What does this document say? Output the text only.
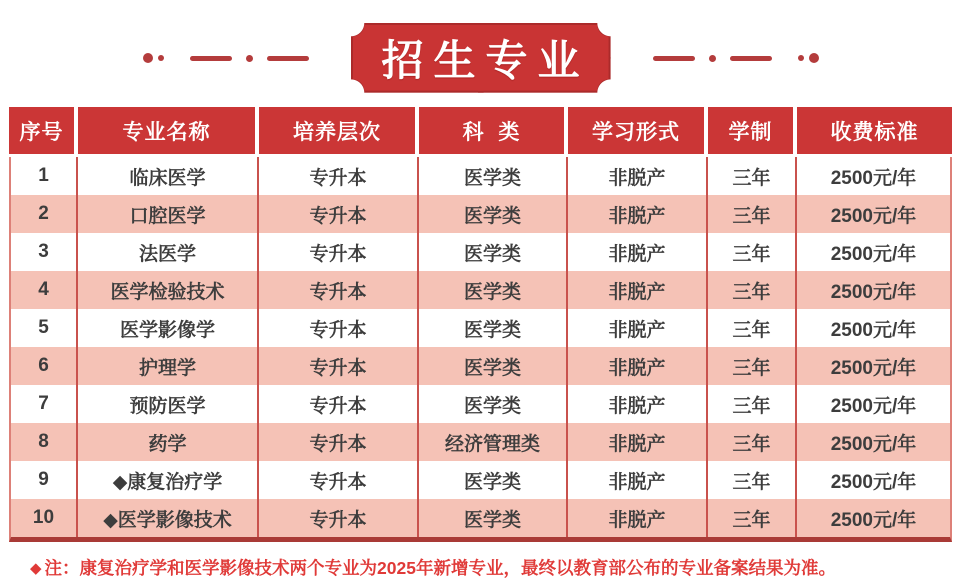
招生专业
序号	专业名称	培养层次	科  类	学习形式	学制	收费标准
1	临床医学	专升本	医学类	非脱产	三年	2500元/年
2	口腔医学	专升本	医学类	非脱产	三年	2500元/年
3	法医学	专升本	医学类	非脱产	三年	2500元/年
4	医学检验技术	专升本	医学类	非脱产	三年	2500元/年
5	医学影像学	专升本	医学类	非脱产	三年	2500元/年
6	护理学	专升本	医学类	非脱产	三年	2500元/年
7	预防医学	专升本	医学类	非脱产	三年	2500元/年
8	药学	专升本	经济管理类	非脱产	三年	2500元/年
9	◆康复治疗学	专升本	医学类	非脱产	三年	2500元/年
10	◆医学影像技术	专升本	医学类	非脱产	三年	2500元/年
◆ 注：康复治疗学和医学影像技术两个专业为2025年新增专业，最终以教育部公布的专业备案结果为准。
